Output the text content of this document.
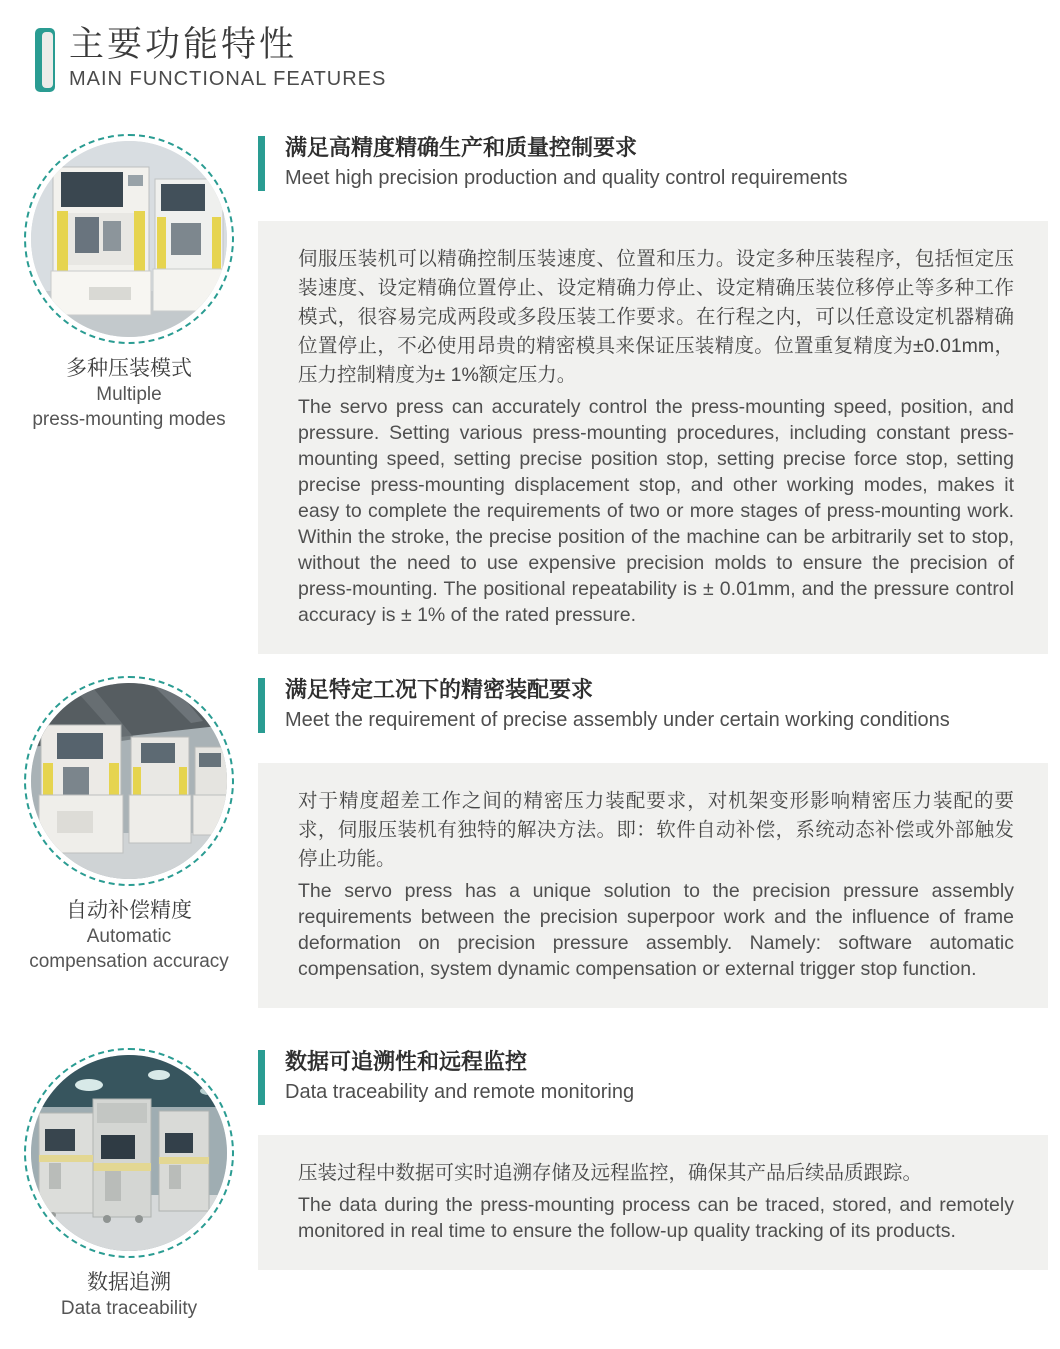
主要功能特性
MAIN FUNCTIONAL FEATURES
多种压装模式
Multiple
press-mounting modes
满足高精度精确生产和质量控制要求
Meet high precision production and quality control requirements

伺服压装机可以精确控制压装速度、位置和压力。设定多种压装程序，包括恒定压装速度、设定精确位置停止、设定精确力停止、设定精确压装位移停止等多种工作模式，很容易完成两段或多段压装工作要求。在行程之内，可以任意设定机器精确位置停止，不必使用昂贵的精密模具来保证压装精度。位置重复精度为±0.01mm，压力控制精度为± 1%额定压力。

The servo press can accurately control the press-mounting speed, position, and pressure. Setting various press-mounting procedures, including constant press-mounting speed, setting precise position stop, setting precise force stop, setting precise press-mounting displacement stop, and other working modes, makes it easy to complete the requirements of two or more stages of press-mounting work. Within the stroke, the precise position of the machine can be arbitrarily set to stop, without the need to use expensive precision molds to ensure the precision of press-mounting. The positional repeatability is ± 0.01mm, and the pressure control accuracy is ± 1% of the rated pressure.

自动补偿精度
Automatic
compensation accuracy
满足特定工况下的精密装配要求
Meet the requirement of precise assembly under certain working conditions

对于精度超差工作之间的精密压力装配要求，对机架变形影响精密压力装配的要求，伺服压装机有独特的解决方法。即：软件自动补偿，系统动态补偿或外部触发停止功能。

The servo press has a unique solution to the precision pressure assembly requirements between the precision superpoor work and the influence of frame deformation on precision pressure assembly. Namely: software automatic compensation, system dynamic compensation or external trigger stop function.

数据追溯
Data traceability
数据可追溯性和远程监控
Data traceability and remote monitoring

压装过程中数据可实时追溯存储及远程监控，确保其产品后续品质跟踪。

The data during the press-mounting process can be traced, stored, and remotely monitored in real time to ensure the follow-up quality tracking of its products.
